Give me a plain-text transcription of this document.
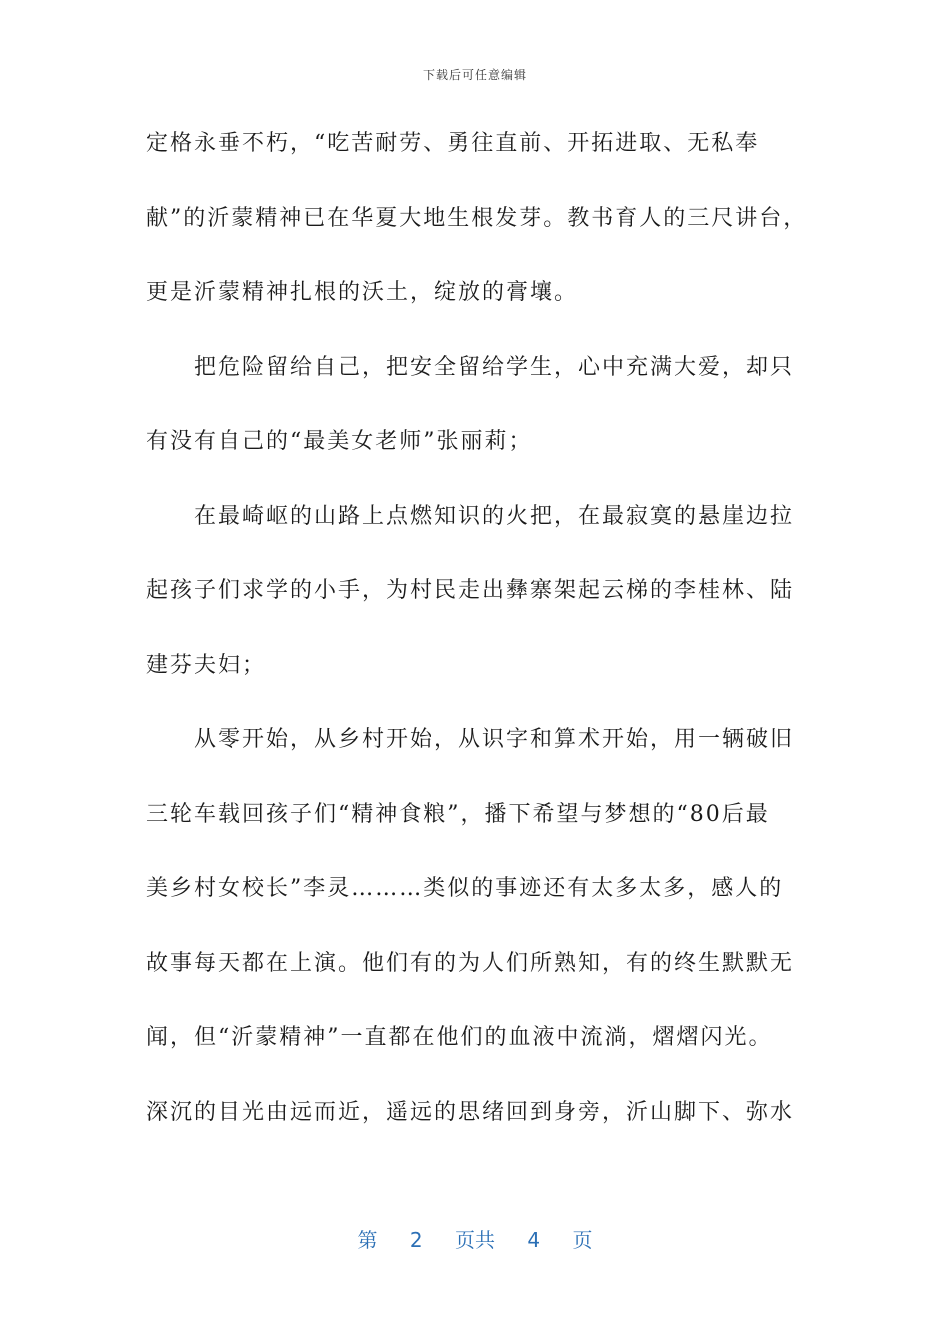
下载后可任意编辑
定格永垂不朽，“吃苦耐劳、勇往直前、开拓进取、无私奉
献”的沂蒙精神已在华夏大地生根发芽。教书育人的三尺讲台，
更是沂蒙精神扎根的沃土，绽放的膏壤。
把危险留给自己，把安全留给学生，心中充满大爱，却只
有没有自己的“最美女老师”张丽莉；
在最崎岖的山路上点燃知识的火把，在最寂寞的悬崖边拉
起孩子们求学的小手，为村民走出彝寨架起云梯的李桂林、陆
建芬夫妇；
从零开始，从乡村开始，从识字和算术开始，用一辆破旧
三轮车载回孩子们“精神食粮”，播下希望与梦想的“80后最
美乡村女校长”李灵………类似的事迹还有太多太多，感人的
故事每天都在上演。他们有的为人们所熟知，有的终生默默无
闻，但“沂蒙精神”一直都在他们的血液中流淌，熠熠闪光。
深沉的目光由远而近，遥远的思绪回到身旁，沂山脚下、弥水
第 2 页共 4 页
